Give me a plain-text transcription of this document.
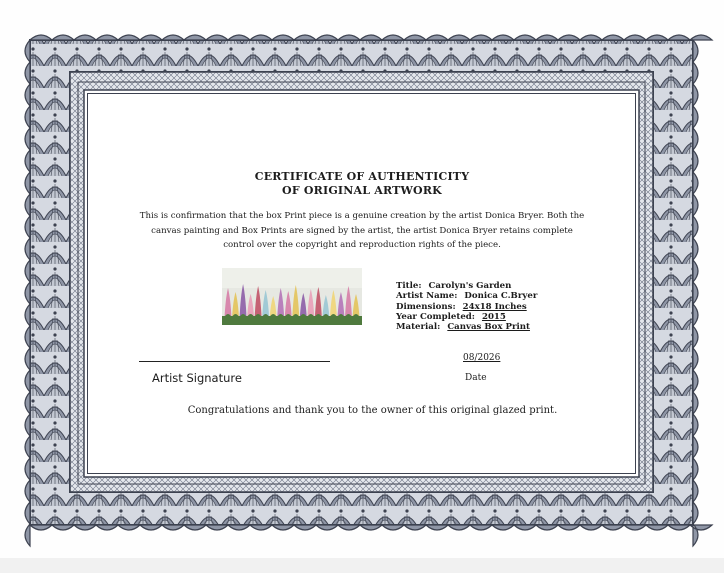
CERTIFICATE OF AUTHENTICITY
OF ORIGINAL ARTWORK
This is confirmation that the box Print piece is a genuine creation by the artist Donica Bryer. Both the
canvas painting and Box Prints are signed by the artist, the artist Donica Bryer retains complete
control over the copyright and reproduction rights of the piece.
Title: Carolyn's Garden
Artist Name: Donica C.Bryer
Dimensions: 24x18 Inches
Year Completed: 2015
Material: Canvas Box Print
Artist Signature
08/2026
Date
Congratulations and thank you to the owner of this original glazed print.
